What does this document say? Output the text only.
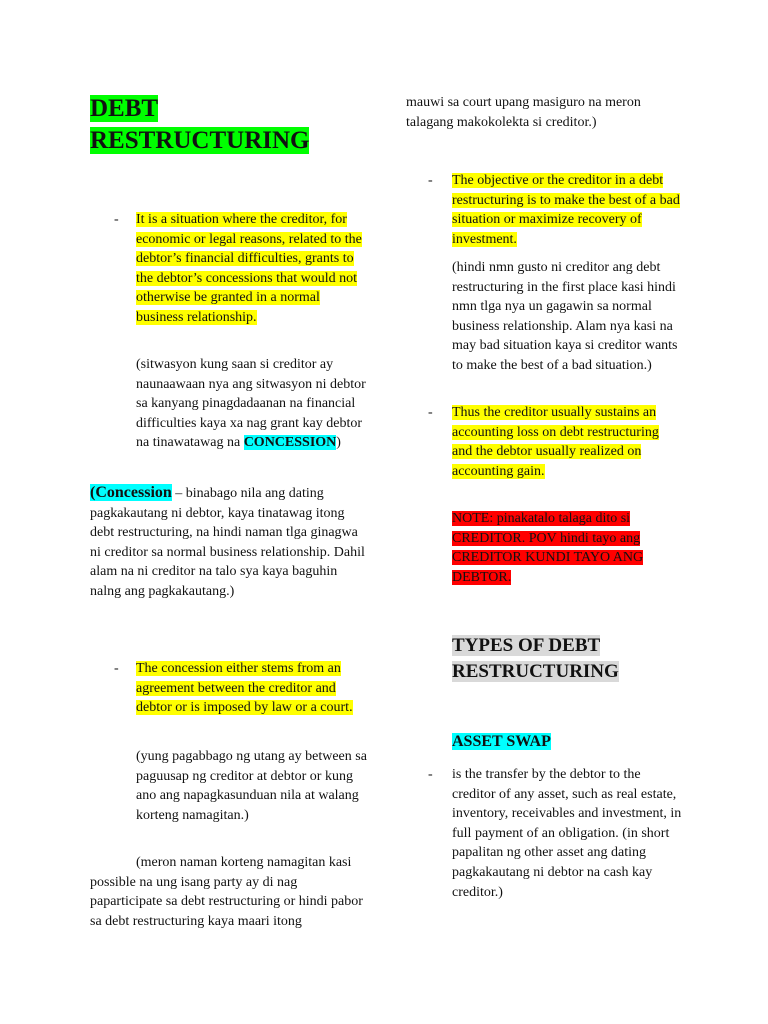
DEBT
RESTRUCTURING
- It is a situation where the creditor, for economic or legal reasons, related to the debtor’s financial difficulties, grants to the debtor’s concessions that would not otherwise be granted in a normal business relationship.
(sitwasyon kung saan si creditor ay naunaawaan nya ang sitwasyon ni debtor sa kanyang pinagdadaanan na financial difficulties kaya xa nag grant kay debtor na tinawatawag na CONCESSION)
(Concession – binabago nila ang dating pagkakautang ni debtor, kaya tinatawag itong debt restructuring, na hindi naman tlga ginagwa ni creditor sa normal business relationship. Dahil alam na ni creditor na talo sya kaya baguhin nalng ang pagkakautang.)
- The concession either stems from an agreement between the creditor and debtor or is imposed by law or a court.
(yung pagabbago ng utang ay between sa paguusap ng creditor at debtor or kung ano ang napagkasunduan nila at walang korteng namagitan.)
(meron naman korteng namagitan kasi possible na ung isang party ay di nag paparticipate sa debt restructuring or hindi pabor sa debt restructuring kaya maari itong
mauwi sa court upang masiguro na meron talagang makokolekta si creditor.)
- The objective or the creditor in a debt restructuring is to make the best of a bad situation or maximize recovery of investment.
(hindi nmn gusto ni creditor ang debt restructuring in the first place kasi hindi nmn tlga nya un gagawin sa normal business relationship. Alam nya kasi na may bad situation kaya si creditor wants to make the best of a bad situation.)
- Thus the creditor usually sustains an accounting loss on debt restructuring and the debtor usually realized on accounting gain.
NOTE: pinakatalo talaga dito si CREDITOR. POV hindi tayo ang CREDITOR KUNDI TAYO ANG DEBTOR.
TYPES OF DEBT
RESTRUCTURING
ASSET SWAP
- is the transfer by the debtor to the creditor of any asset, such as real estate, inventory, receivables and investment, in full payment of an obligation. (in short papalitan ng other asset ang dating pagkakautang ni debtor na cash kay creditor.)
